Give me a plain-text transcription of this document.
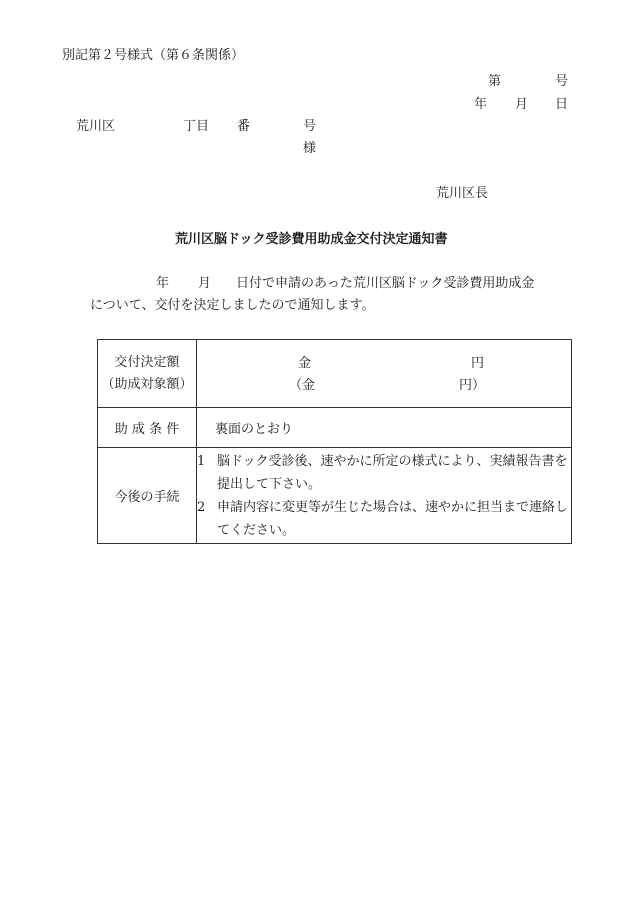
別記第２号様式（第６条関係）
第	号
年 月 日
荒川区	丁目 番	号
様
荒川区長
荒川区脳ドック受診費用助成金交付決定通知書
年 月 日付で申請のあった荒川区脳ドック受診費用助成金
について、交付を決定しましたので通知します。
交付決定額
（助成対象額）	金 円
（金 円）

助 成 条 件	裏面のとおり
今後の手続	1 脳ドック受診後、速やかに所定の様式により、実績報告書を提出して下さい。
2 申請内容に変更等が生じた場合は、速やかに担当まで連絡してください。
